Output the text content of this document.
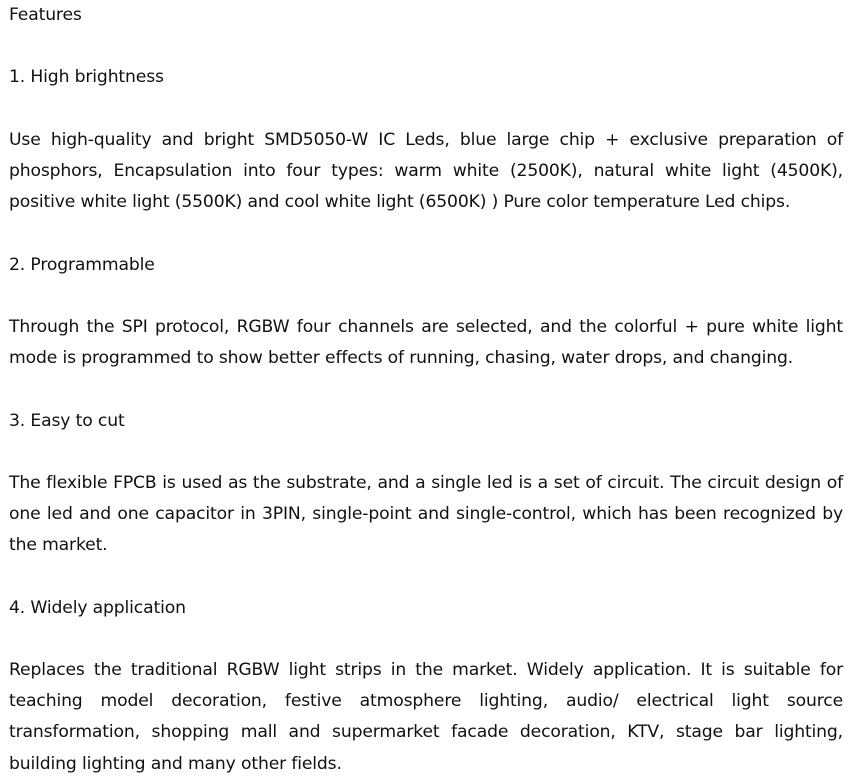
Features
1. High brightness

Use high-quality and bright SMD5050-W IC Leds, blue large chip + exclusive preparation of phosphors, Encapsulation into four types: warm white (2500K), natural white light (4500K), positive white light (5500K) and cool white light (6500K) ) Pure color temperature Led chips.

2. Programmable

Through the SPI protocol, RGBW four channels are selected, and the colorful + pure white light mode is programmed to show better effects of running, chasing, water drops, and changing.

3. Easy to cut

The flexible FPCB is used as the substrate, and a single led is a set of circuit. The circuit design of one led and one capacitor in 3PIN, single-point and single-control, which has been recognized by the market.

4. Widely application

Replaces the traditional RGBW light strips in the market. Widely application. It is suitable for teaching model decoration, festive atmosphere lighting, audio/ electrical light source transformation, shopping mall and supermarket facade decoration, KTV, stage bar lighting, building lighting and many other fields.
